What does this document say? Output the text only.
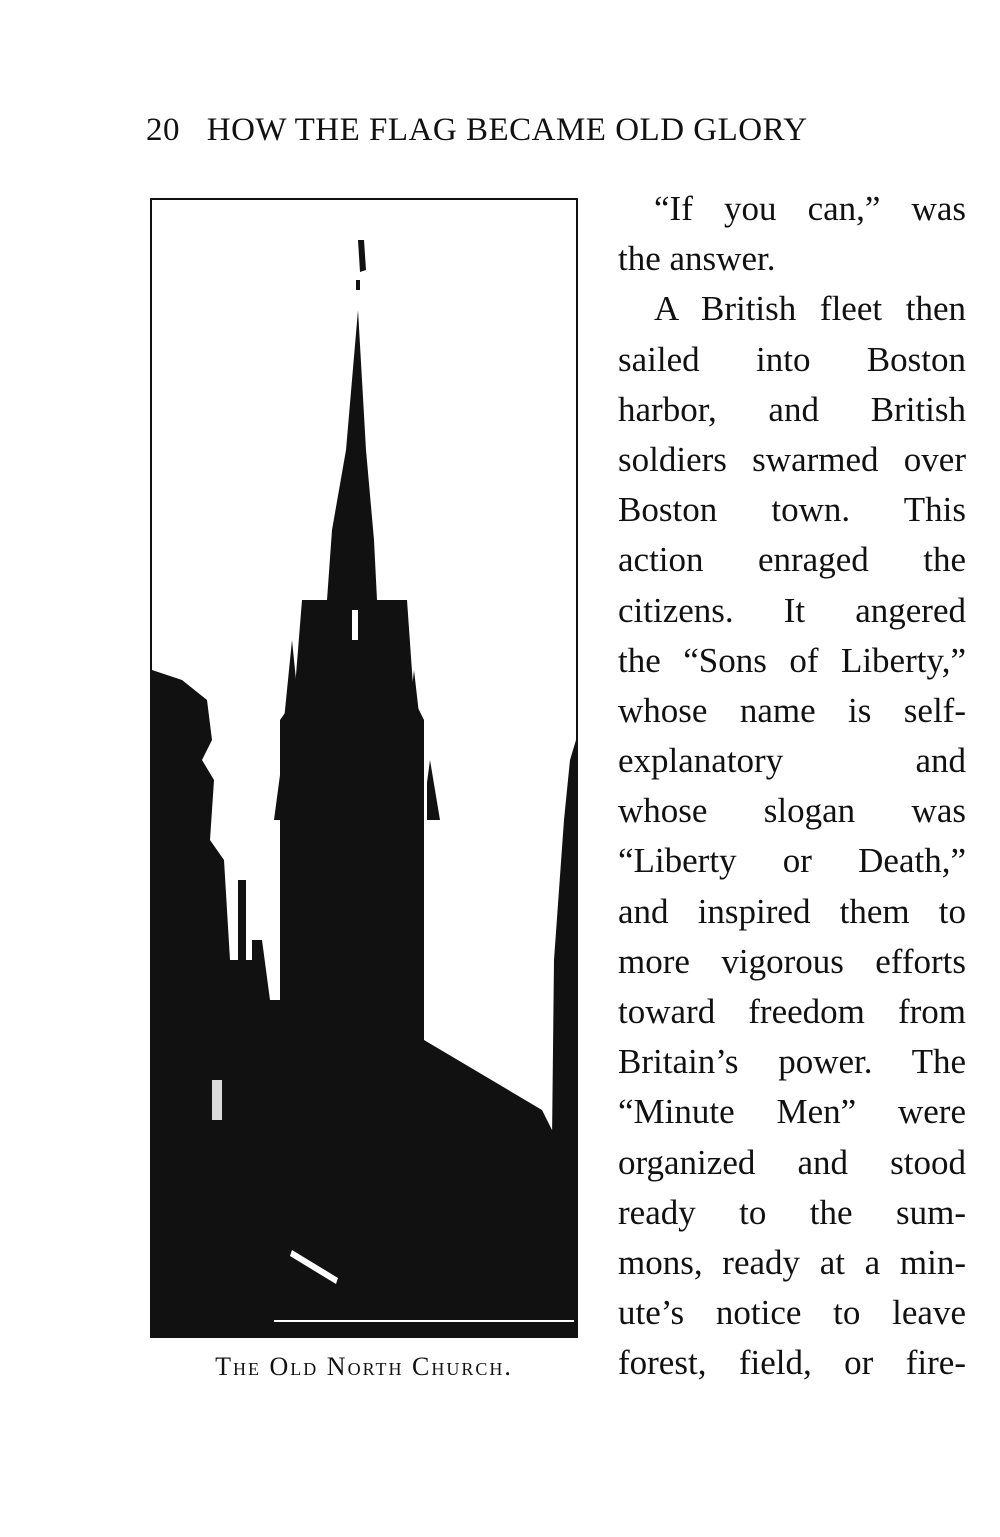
20 HOW THE FLAG BECAME OLD GLORY
The Old North Church.
“If you can,” was
the answer.
A British fleet then
sailed into Boston
harbor, and British
soldiers swarmed over
Boston town. This
action enraged the
citizens. It angered
the “Sons of Liberty,”
whose name is self-
explanatory and
whose slogan was
“Liberty or Death,”
and inspired them to
more vigorous efforts
toward freedom from
Britain’s power. The
“Minute Men” were
organized and stood
ready to the sum-
mons, ready at a min-
ute’s notice to leave
forest, field, or fire-
